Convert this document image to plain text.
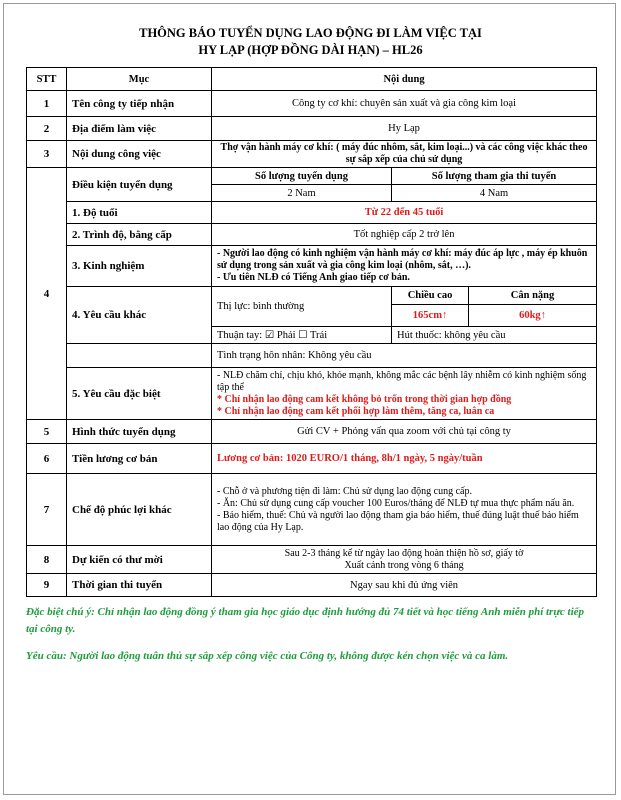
THÔNG BÁO TUYỂN DỤNG LAO ĐỘNG ĐI LÀM VIỆC TẠI
HY LẠP (HỢP ĐỒNG DÀI HẠN) – HL26
STT	Mục	Nội dung		
1	Tên công ty tiếp nhận	Công ty cơ khí: chuyên sản xuất và gia công kim loại		
2	Địa điểm làm việc	Hy Lạp		
3	Nội dung công việc	Thợ vận hành máy cơ khí: ( máy đúc nhôm, sắt, kim loại...) và các công việc khác theo sự sắp xếp của chủ sử dụng		
4	Điều kiện tuyển dụng	Số lượng tuyển dụng	Số lượng tham gia thi tuyển	
		2 Nam	4 Nam	
	1. Độ tuổi	Từ 22 đến 45 tuổi		
	2. Trình độ, bằng cấp	Tốt nghiệp cấp 2 trở lên		
	3. Kinh nghiệm	- Người lao động có kinh nghiệm vận hành máy cơ khí: máy đúc áp lực , máy ép khuôn sử dụng trong sản xuất và gia công kim loại (nhôm, sắt, …).
- Ưu tiên NLĐ có Tiếng Anh giao tiếp cơ bản.		

	4. Yêu cầu khác	Thị lực: bình thường	Chiều cao	Cân nặng
			165cm↑	60kg↑
		Thuận tay: ☑ Phải ☐ Trái	Hút thuốc: không yêu cầu	
		Tình trạng hôn nhân: Không yêu cầu		
	5. Yêu cầu đặc biệt	- NLĐ chăm chỉ, chịu khó, khỏe mạnh, không mắc các bệnh lây nhiễm có kinh nghiệm sống tập thể
* Chỉ nhận lao động cam kết không bỏ trốn trong thời gian hợp đồng
* Chỉ nhận lao động cam kết phối hợp làm thêm, tăng ca, luân ca		

5	Hình thức tuyển dụng	Gửi CV + Phỏng vấn qua zoom với chủ tại công ty		
6	Tiền lương cơ bản	Lương cơ bản: 1020 EURO/1 tháng, 8h/1 ngày, 5 ngày/tuần		
7	Chế độ phúc lợi khác	- Chỗ ở và phương tiện đi làm: Chủ sử dụng lao động cung cấp.
- Ăn: Chủ sử dụng cung cấp voucher 100 Euros/tháng để NLĐ tự mua thực phẩm nấu ăn.
- Bảo hiểm, thuế: Chủ và người lao động tham gia bảo hiểm, thuế đúng luật thuế bảo hiểm lao động của Hy Lạp.		

8	Dự kiến có thư mời	Sau 2-3 tháng kể từ ngày lao động hoàn thiện hồ sơ, giấy tờ
Xuất cảnh trong vòng 6 tháng		

9	Thời gian thi tuyển	Ngay sau khi đủ ứng viên		
Đặc biệt chú ý: Chỉ nhận lao động đồng ý tham gia học giáo dục định hướng đủ 74 tiết và học tiếng Anh miễn phí trực tiếp tại công ty.
Yêu cầu: Người lao động tuân thủ sự sắp xếp công việc của Công ty, không được kén chọn việc và ca làm.
